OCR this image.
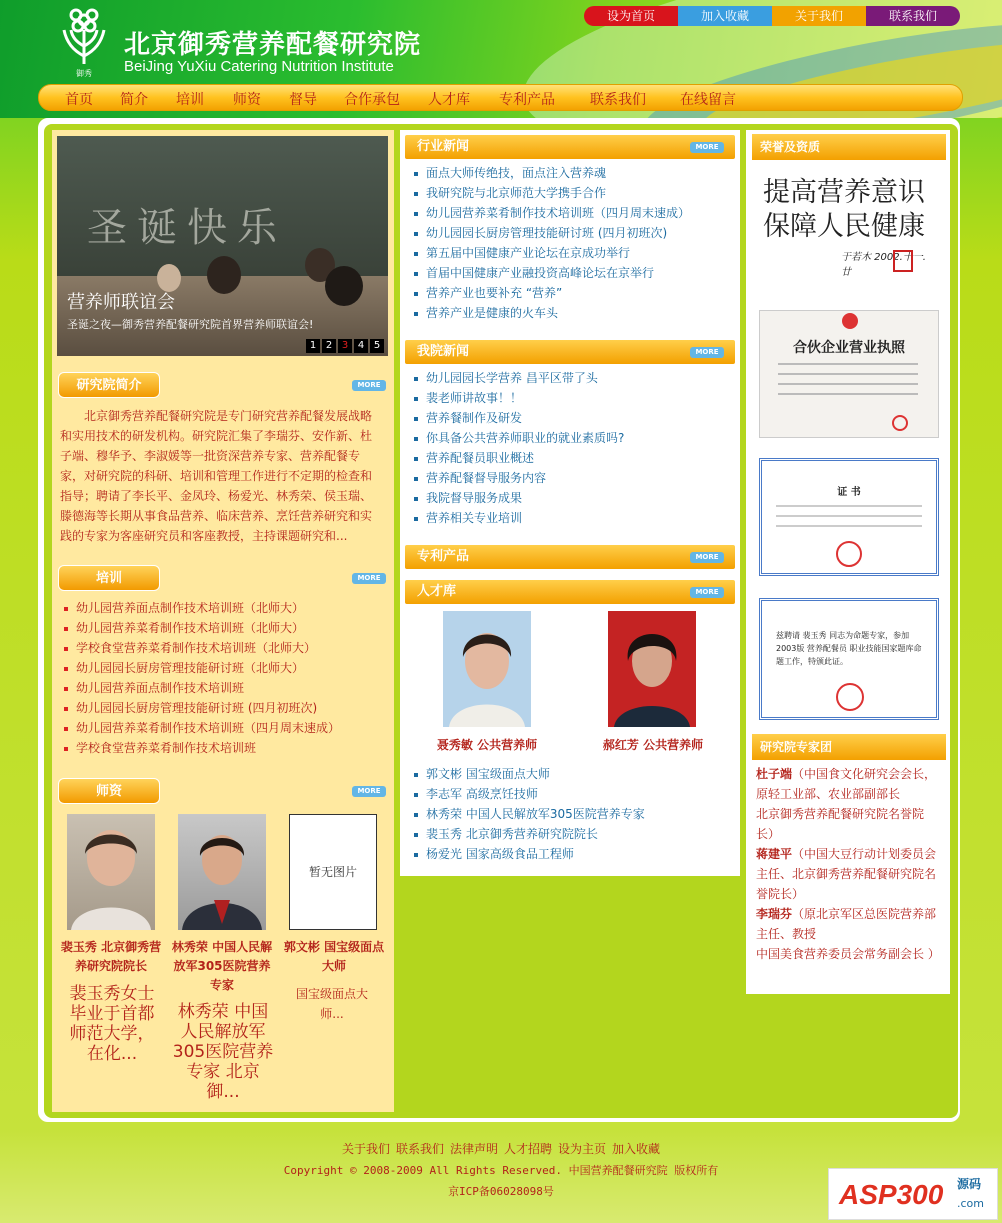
御秀
北京御秀营养配餐研究院
BeiJing YuXiu Catering Nutrition Institute
设为首页	加入收藏	关于我们	联系我们
首页 简介 培训 师资 督导 合作承包 人才库 专利产品	联系我们 在线留言
圣诞快乐
营养师联谊会
圣诞之夜—御秀营养配餐研究院首界营养师联谊会!
1 2 3 4 5
研究院简介	MORE
北京御秀营养配餐研究院是专门研究营养配餐发展战略和实用技术的研发机构。研究院汇集了李瑞芬、安作新、杜子端、穆华予、李淑媛等一批资深营养专家、营养配餐专家，对研究院的科研、培训和管理工作进行不定期的检查和指导；聘请了李长平、金凤玲、杨爱光、林秀荣、侯玉瑞、滕德海等长期从事食品营养、临床营养、烹饪营养研究和实践的专家为客座研究员和客座教授，主持课题研究和...
培训	MORE
幼儿园营养面点制作技术培训班（北师大）
幼儿园营养菜肴制作技术培训班（北师大）
学校食堂营养菜肴制作技术培训班（北师大）
幼儿园园长厨房管理技能研讨班（北师大）
幼儿园营养面点制作技术培训班
幼儿园园长厨房管理技能研讨班 (四月初班次)
幼儿园营养菜肴制作技术培训班（四月周末速成）
学校食堂营养菜肴制作技术培训班
师资	MORE
暂无图片
裴玉秀 北京御秀营养研究院院长
林秀荣 中国人民解放军305医院营养专家
郭文彬 国宝级面点大师
裴玉秀女士毕业于首都师范大学，在化...
林秀荣 中国人民解放军305医院营养专家 北京御...
国宝级面点大师...
行业新闻	MORE
面点大师传绝技，面点注入营养魂
我研究院与北京师范大学携手合作
幼儿园营养菜肴制作技术培训班（四月周末速成）
幼儿园园长厨房管理技能研讨班 (四月初班次)
第五届中国健康产业论坛在京成功举行
首届中国健康产业融投资高峰论坛在京举行
营养产业也要补充 “营养”
营养产业是健康的火车头
我院新闻	MORE
幼儿园园长学营养 昌平区带了头
裴老师讲故事！！
营养餐制作及研发
你具备公共营养师职业的就业素质吗?
营养配餐员职业概述
营养配餐督导服务内容
我院督导服务成果
营养相关专业培训
专利产品	MORE
人才库	MORE
聂秀敏 公共营养师	郝红芳 公共营养师
郭文彬 国宝级面点大师
李志军 高级烹饪技师
林秀荣 中国人民解放军305医院营养专家
裴玉秀 北京御秀营养研究院院长
杨爱光 国家高级食品工程师
荣誉及资质
提高营养意识
保障人民健康
于若木 2002.十一.廿
合伙企业营业执照
证 书
兹聘请 裴玉秀 同志为命题专家，参加2003版 营养配餐员 职业技能国家题库命题工作，特颁此证。
研究院专家团
杜子端（中国食文化研究会会长，原轻工业部、农业部副部长
北京御秀营养配餐研究院名誉院长）
蒋建平（中国大豆行动计划委员会主任、北京御秀营养配餐研究院名誉院长）
李瑞芬（原北京军区总医院营养部主任、教授
中国美食营养委员会常务副会长 ）
关于我们 联系我们 法律声明 人才招聘 设为主页 加入收藏
Copyright © 2008-2009 All Rights Reserved. 中国营养配餐研究院 版权所有
京ICP备06028098号	ASP300 源码
.com
